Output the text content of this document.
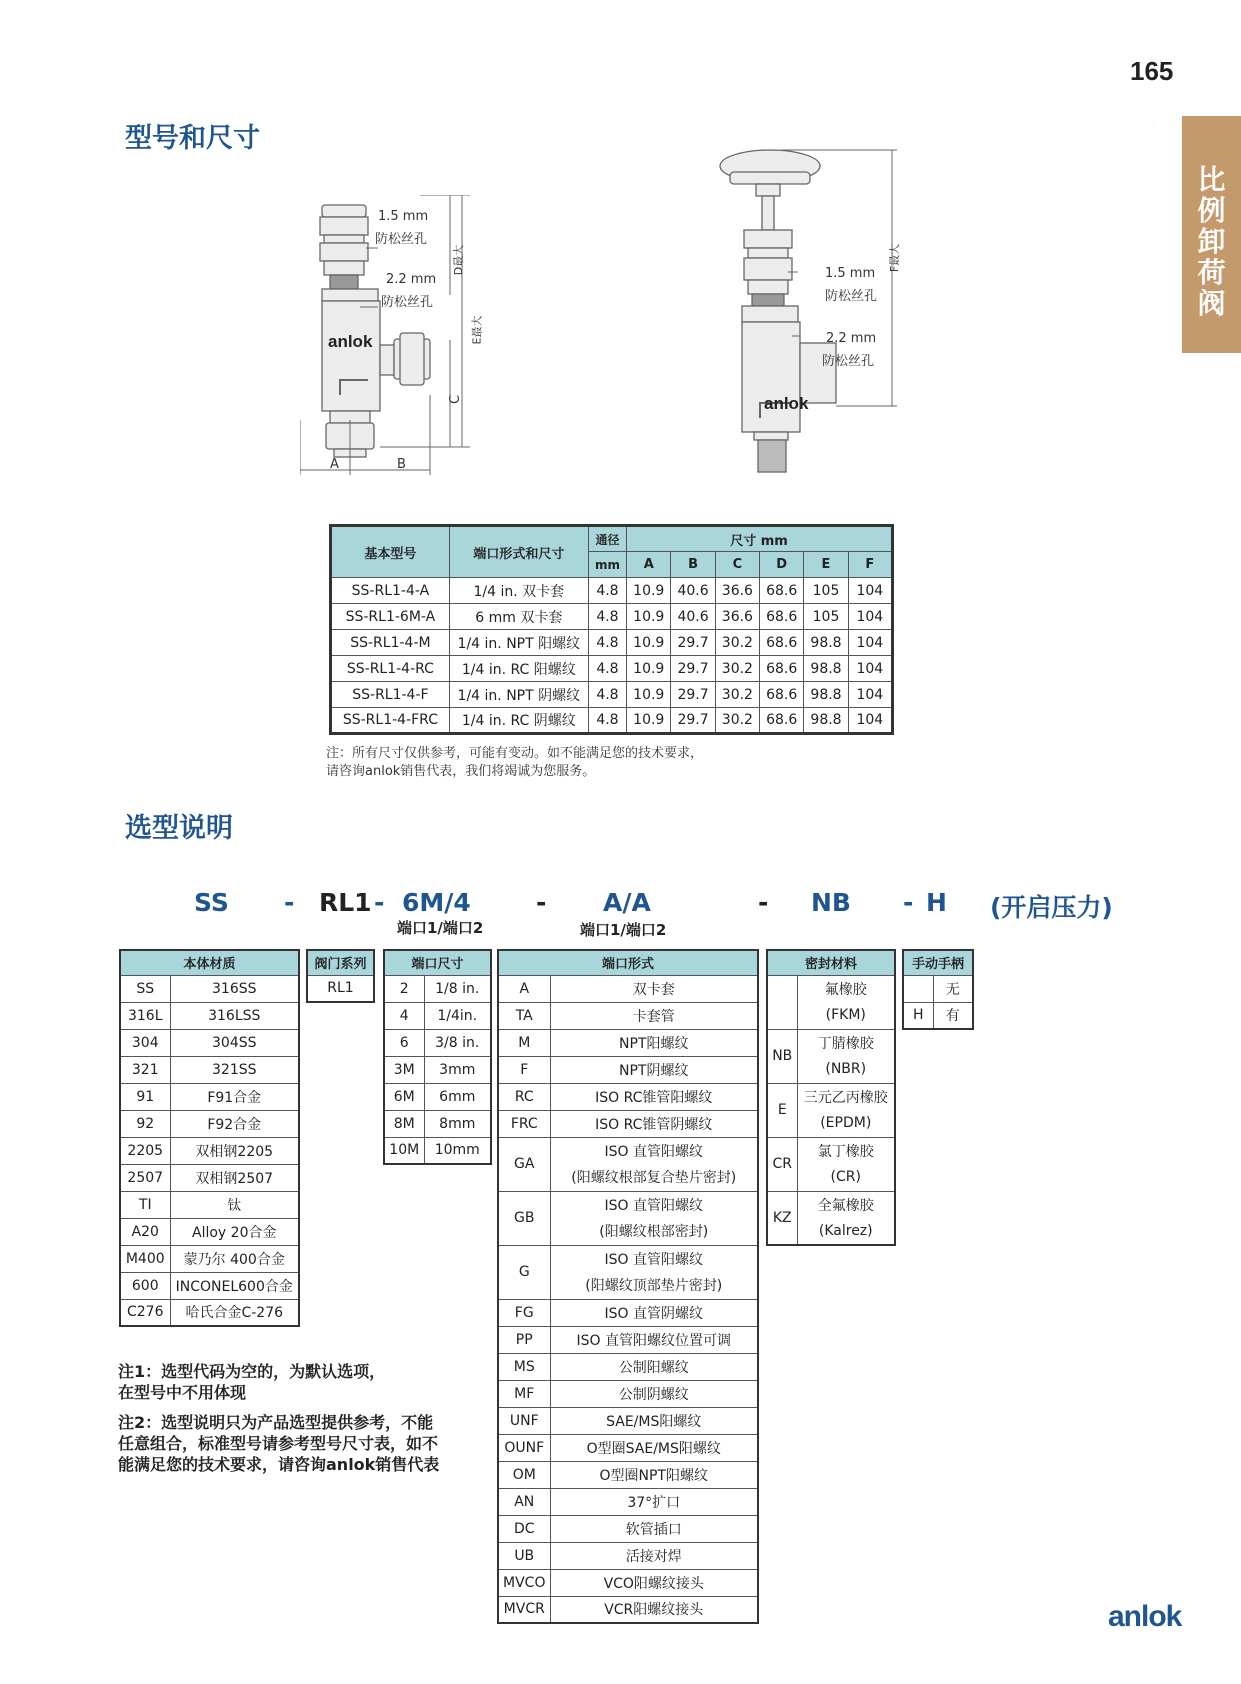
165
比
例
卸
荷
阀
型号和尺寸
1.5 mm
防松丝孔
2.2 mm
防松丝孔
anlok
D最大
E最大
C
A	B
1.5 mm
防松丝孔
2.2 mm
防松丝孔
anlok
F最大
基本型号	端口形式和尺寸	通径	尺寸 mm					
		mm	A	B	C	D	E	F
SS-RL1-4-A	1/4 in. 双卡套	4.8	10.9	40.6	36.6	68.6	105	104
SS-RL1-6M-A	6 mm 双卡套	4.8	10.9	40.6	36.6	68.6	105	104
SS-RL1-4-M	1/4 in. NPT 阳螺纹	4.8	10.9	29.7	30.2	68.6	98.8	104
SS-RL1-4-RC	1/4 in. RC 阳螺纹	4.8	10.9	29.7	30.2	68.6	98.8	104
SS-RL1-4-F	1/4 in. NPT 阴螺纹	4.8	10.9	29.7	30.2	68.6	98.8	104
SS-RL1-4-FRC	1/4 in. RC 阴螺纹	4.8	10.9	29.7	30.2	68.6	98.8	104
注：所有尺寸仅供参考，可能有变动。如不能满足您的技术要求，
请咨询anlok销售代表，我们将竭诚为您服务。
选型说明
SS - RL1 - 6M/4	- A/A	- NB - H (开启压力)
端口1/端口2	端口1/端口2
本体材质	
SS	316SS
316L	316LSS
304	304SS
321	321SS
91	F91合金
92	F92合金
2205	双相钢2205
2507	双相钢2507
TI	钛
A20	Alloy 20合金
M400	蒙乃尔 400合金
600	INCONEL600合金
C276	哈氏合金C-276
阀门系列
RL1
端口尺寸	
2	1/8 in.
4	1/4in.
6	3/8 in.
3M	3mm
6M	6mm
8M	8mm
10M	10mm
端口形式	
A	双卡套
TA	卡套管
M	NPT阳螺纹
F	NPT阴螺纹
RC	ISO RC锥管阳螺纹
FRC	ISO RC锥管阴螺纹
GA	ISO 直管阳螺纹
	(阳螺纹根部复合垫片密封)
GB	ISO 直管阳螺纹
	(阳螺纹根部密封)
G	ISO 直管阳螺纹
	(阳螺纹顶部垫片密封)
FG	ISO 直管阴螺纹
PP	ISO 直管阳螺纹位置可调
MS	公制阳螺纹
MF	公制阴螺纹
UNF	SAE/MS阳螺纹
OUNF	O型圈SAE/MS阳螺纹
OM	O型圈NPT阳螺纹
AN	37°扩口
DC	软管插口
UB	活接对焊
MVCO	VCO阳螺纹接头
MVCR	VCR阳螺纹接头
密封材料	
	氟橡胶
	(FKM)
NB	丁腈橡胶
	(NBR)
E	三元乙丙橡胶
	(EPDM)
CR	氯丁橡胶
	(CR)
KZ	全氟橡胶
	(Kalrez)
手动手柄	
	无
H	有
注1：选型代码为空的，为默认选项，
在型号中不用体现
注2：选型说明只为产品选型提供参考，不能
任意组合，标准型号请参考型号尺寸表，如不
能满足您的技术要求，请咨询anlok销售代表
anlok
